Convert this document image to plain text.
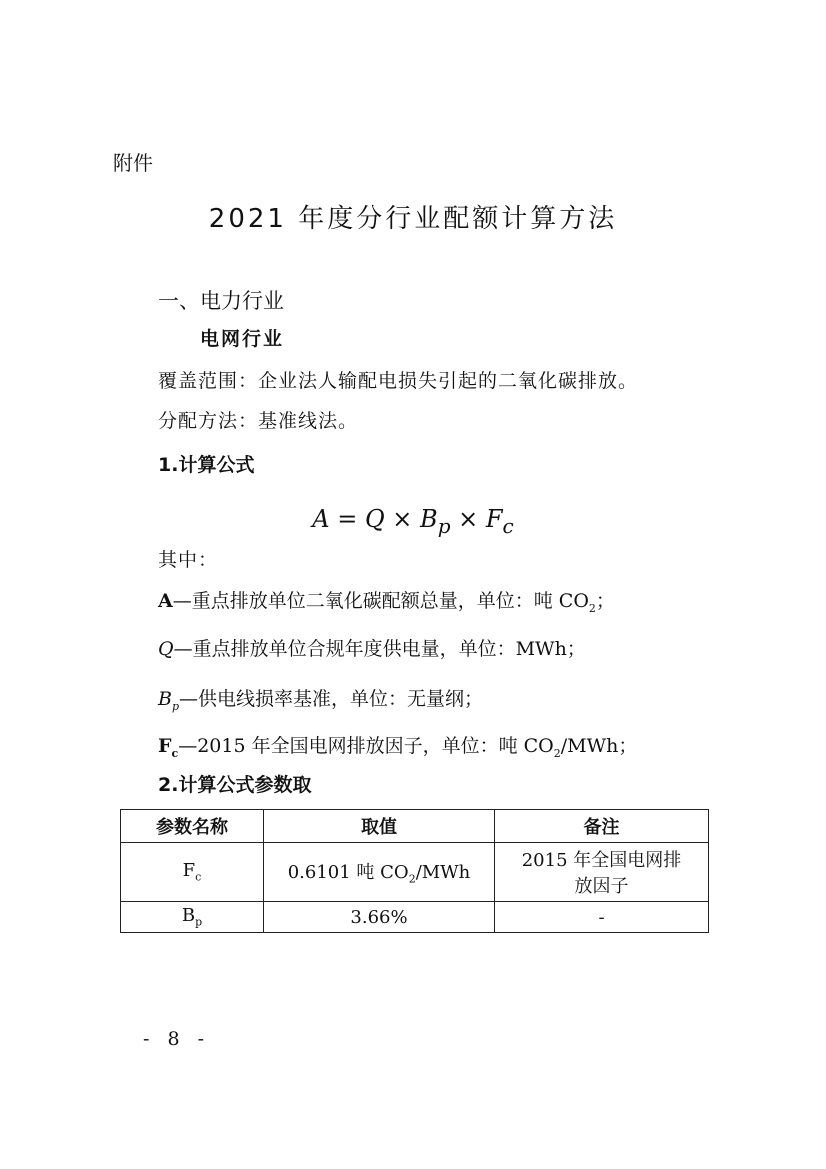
附件
2021 年度分行业配额计算方法
一、电力行业
电网行业
覆盖范围：企业法人输配电损失引起的二氧化碳排放。
分配方法：基准线法。
1.计算公式
$A = Q \times B_p \times F_c$
其中：
A—重点排放单位二氧化碳配额总量，单位：吨 $CO_2$；
Q—重点排放单位合规年度供电量，单位：MWh；
$B_p—$供电线损率基准，单位：无量纲；
$F_c—2015$ 年全国电网排放因子，单位：吨 $CO_2$/MWh；
2.计算公式参数取
参数名称	取值	备注
$F_c$	0.6101 吨 $CO_2$/MWh	2015 年全国电网排
放因子

$B_p$	3.66%	-
- 8 -
